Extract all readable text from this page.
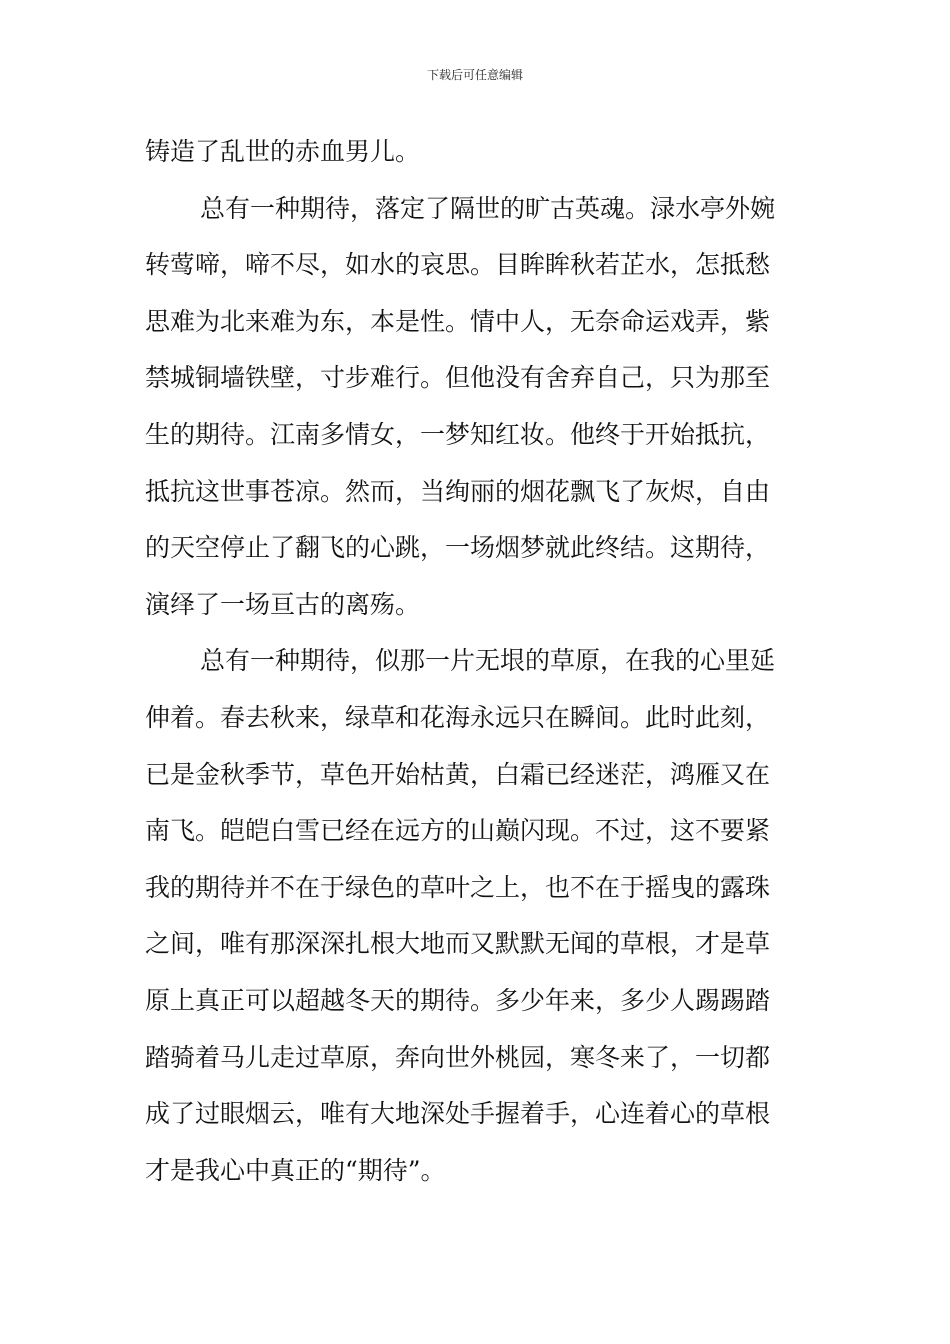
下载后可任意编辑
铸造了乱世的赤血男儿。
总有一种期待，落定了隔世的旷古英魂。渌水亭外婉
转莺啼，啼不尽，如水的哀思。目眸眸秋若芷水，怎抵愁
思难为北来难为东，本是性。情中人，无奈命运戏弄，紫
禁城铜墙铁壁，寸步难行。但他没有舍弃自己，只为那至
生的期待。江南多情女，一梦知红妆。他终于开始抵抗，
抵抗这世事苍凉。然而，当绚丽的烟花飘飞了灰烬，自由
的天空停止了翻飞的心跳，一场烟梦就此终结。这期待，
演绎了一场亘古的离殇。
总有一种期待，似那一片无垠的草原，在我的心里延
伸着。春去秋来，绿草和花海永远只在瞬间。此时此刻，
已是金秋季节，草色开始枯黄，白霜已经迷茫，鸿雁又在
南飞。皑皑白雪已经在远方的山巅闪现。不过，这不要紧
我的期待并不在于绿色的草叶之上，也不在于摇曳的露珠
之间，唯有那深深扎根大地而又默默无闻的草根，才是草
原上真正可以超越冬天的期待。多少年来，多少人踢踢踏
踏骑着马儿走过草原，奔向世外桃园，寒冬来了，一切都
成了过眼烟云，唯有大地深处手握着手，心连着心的草根
才是我心中真正的“期待”。
